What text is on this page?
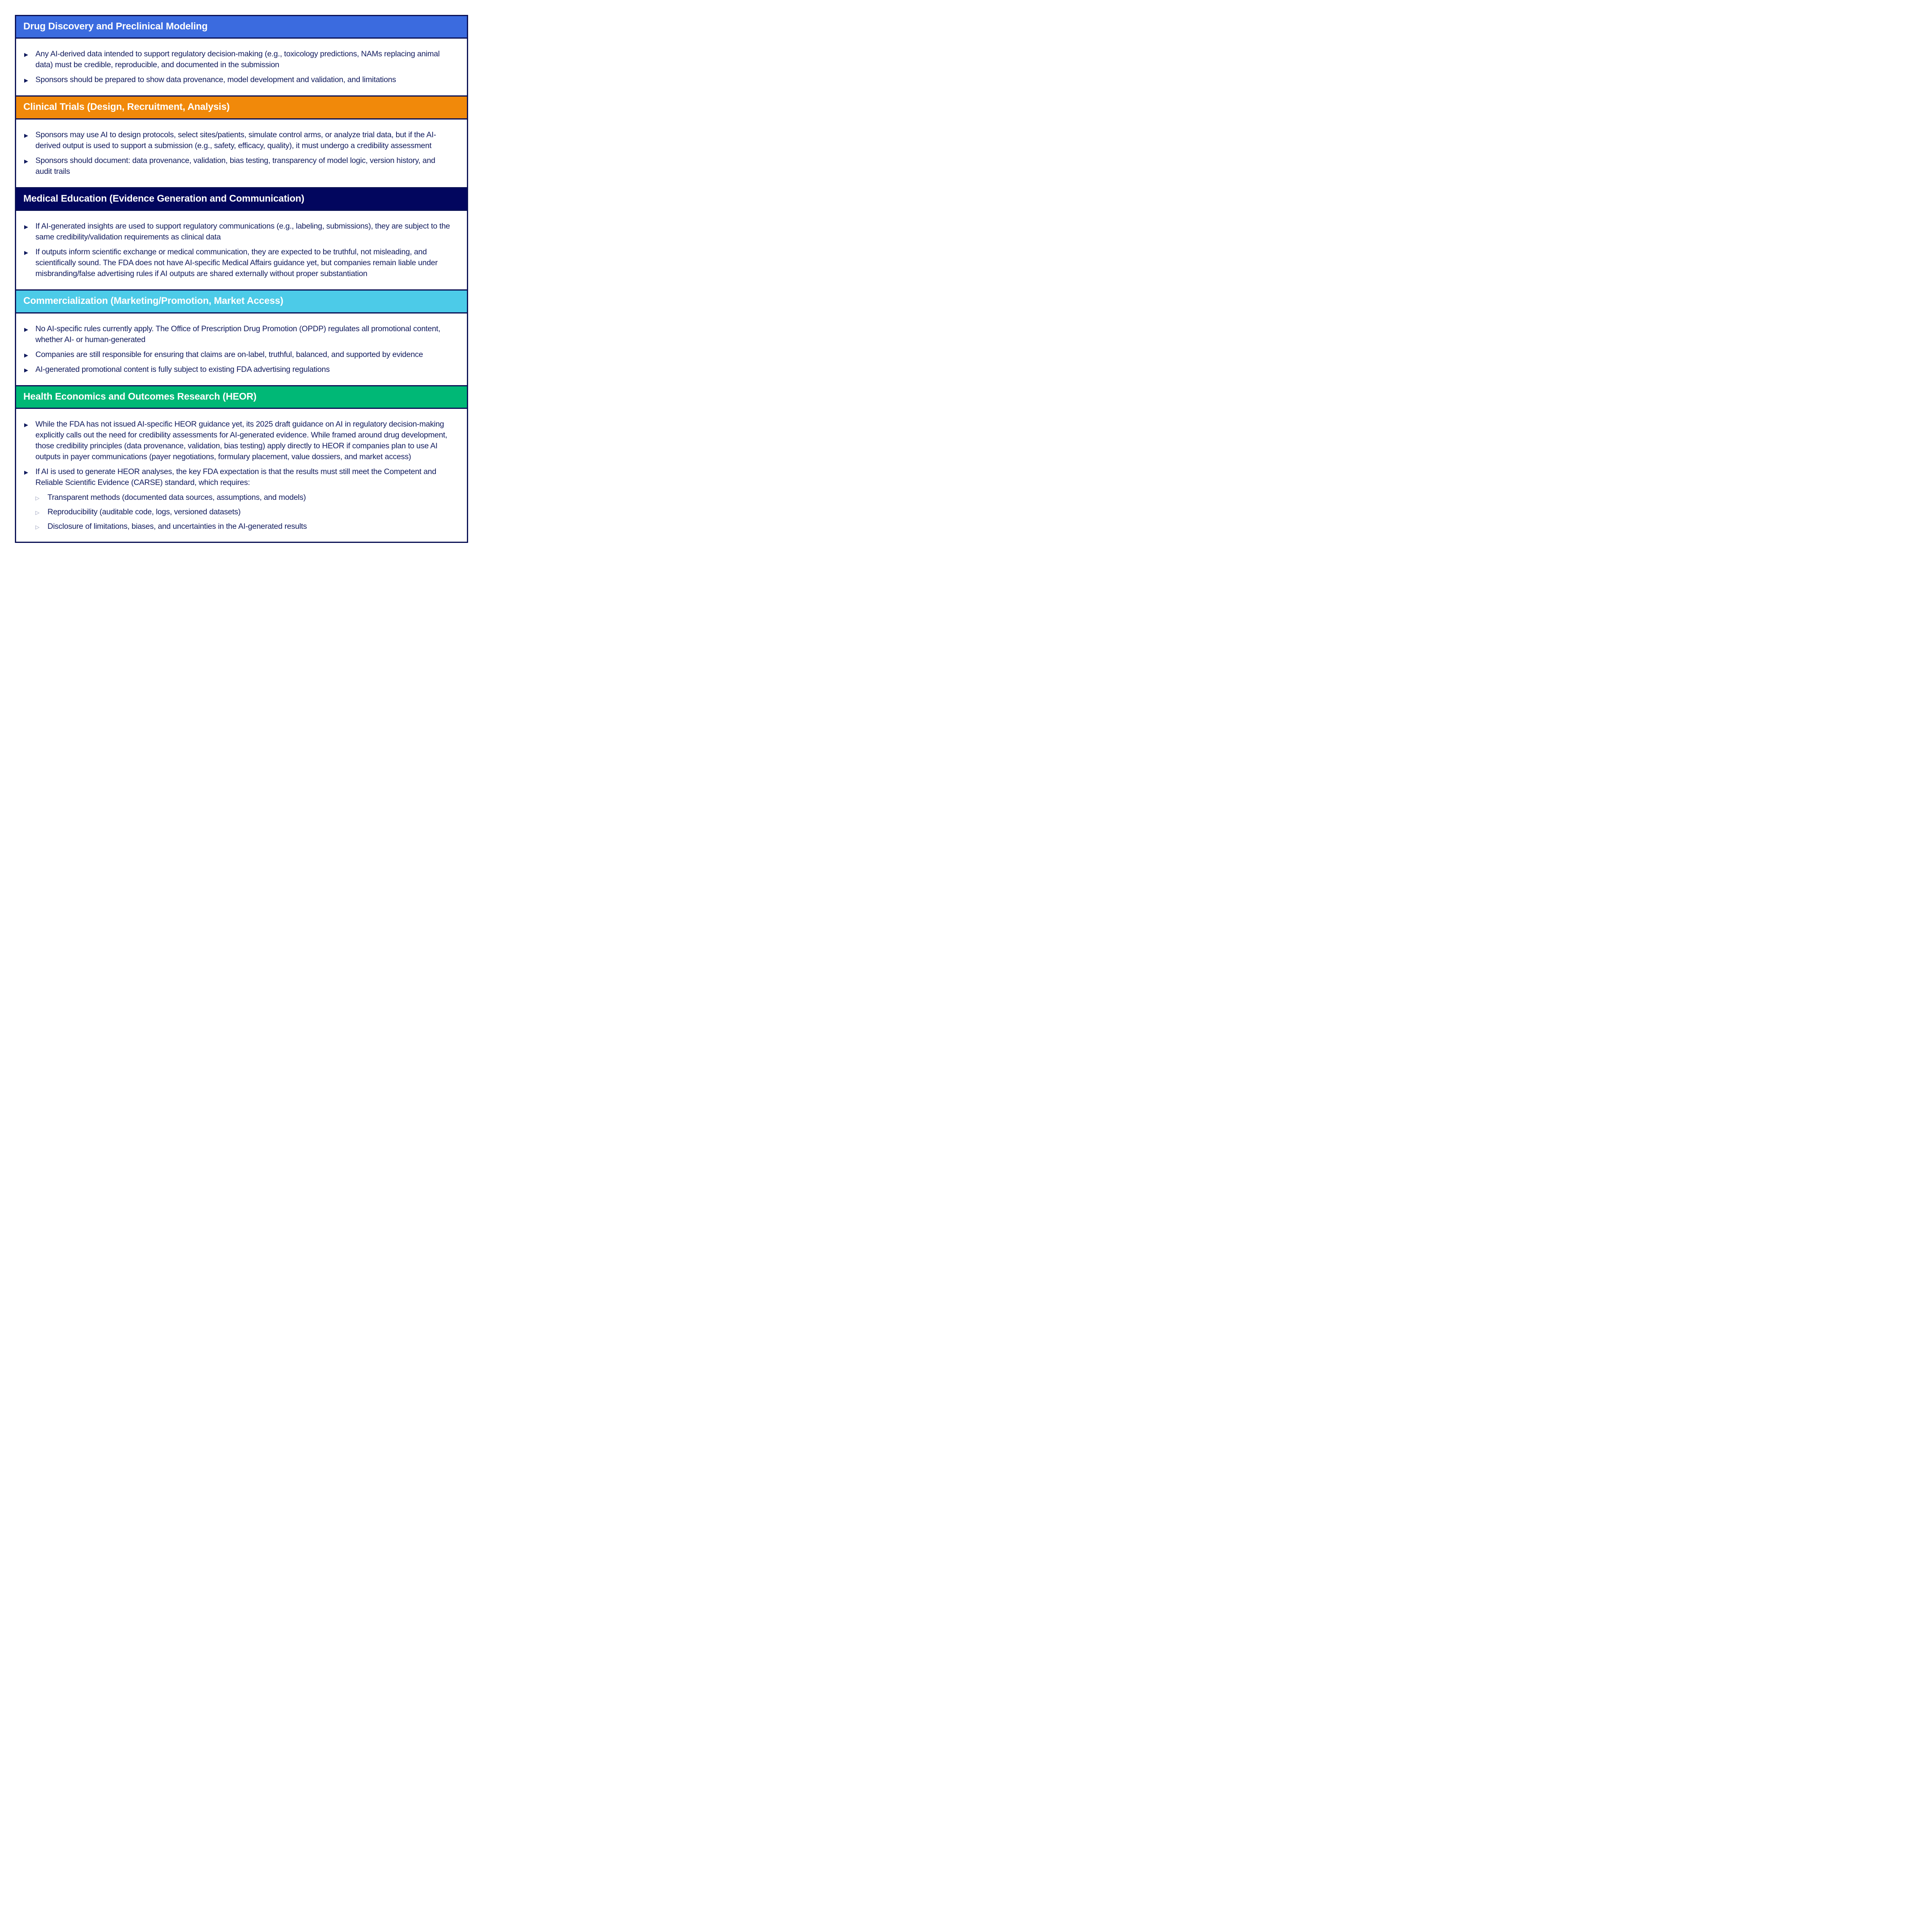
Drug Discovery and Preclinical Modeling
▶ Any AI-derived data intended to support regulatory decision-making (e.g., toxicology predictions, NAMs replacing animal data) must be credible, reproducible, and documented in the submission
▶ Sponsors should be prepared to show data provenance, model development and validation, and limitations
Clinical Trials (Design, Recruitment, Analysis)
▶ Sponsors may use AI to design protocols, select sites/patients, simulate control arms, or analyze trial data, but if the AI-derived output is used to support a submission (e.g., safety, efficacy, quality), it must undergo a credibility assessment
▶ Sponsors should document: data provenance, validation, bias testing, transparency of model logic, version history, and audit trails
Medical Education (Evidence Generation and Communication)
▶ If AI-generated insights are used to support regulatory communications (e.g., labeling, submissions), they are subject to the same credibility/validation requirements as clinical data
▶ If outputs inform scientific exchange or medical communication, they are expected to be truthful, not misleading, and scientifically sound. The FDA does not have AI-specific Medical Affairs guidance yet, but companies remain liable under misbranding/false advertising rules if AI outputs are shared externally without proper substantiation
Commercialization (Marketing/Promotion, Market Access)
▶ No AI-specific rules currently apply. The Office of Prescription Drug Promotion (OPDP) regulates all promotional content, whether AI- or human-generated
▶ Companies are still responsible for ensuring that claims are on-label, truthful, balanced, and supported by evidence
▶ AI-generated promotional content is fully subject to existing FDA advertising regulations
Health Economics and Outcomes Research (HEOR)
▶ While the FDA has not issued AI-specific HEOR guidance yet, its 2025 draft guidance on AI in regulatory decision-making explicitly calls out the need for credibility assessments for AI-generated evidence. While framed around drug development, those credibility principles (data provenance, validation, bias testing) apply directly to HEOR if companies plan to use AI outputs in payer communications (payer negotiations, formulary placement, value dossiers, and market access)
▶ If AI is used to generate HEOR analyses, the key FDA expectation is that the results must still meet the Competent and Reliable Scientific Evidence (CARSE) standard, which requires:
▷ Transparent methods (documented data sources, assumptions, and models)
▷ Reproducibility (auditable code, logs, versioned datasets)
▷ Disclosure of limitations, biases, and uncertainties in the AI-generated results
